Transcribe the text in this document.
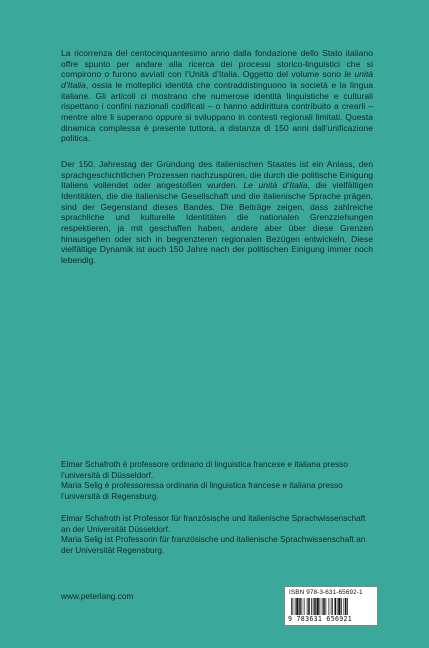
La ricorrenza del centocinquantesimo anno dalla fondazione dello Stato italiano offre spunto per andare alla ricerca dei processi storico-linguistici che si compirono o furono avviati con l’Unità d’Italia. Oggetto del volume sono le unità d’Italia, ossia le molteplici identità che contraddistinguono la società e la lingua italiane. Gli articoli ci mostrano che numerose identità linguistiche e culturali rispettano i confini nazionali codificati – o hanno addirittura contribuito a crearli – mentre altre li superano oppure si sviluppano in contesti regionali limitati. Questa dinamica complessa è presente tuttora, a distanza di 150 anni dall’unificazione politica.

Der 150. Jahrestag der Gründung des italienischen Staates ist ein Anlass, den sprachgeschichtlichen Prozessen nachzuspüren, die durch die politische Einigung Italiens vollendet oder angestoßen wurden. Le unità d’Italia, die vielfältigen Identitäten, die die italienische Gesellschaft und die italienische Sprache prägen, sind der Gegenstand dieses Bandes. Die Beiträge zeigen, dass zahlreiche sprachliche und kulturelle Identitäten die nationalen Grenzziehungen respektieren, ja mit geschaffen haben, andere aber über diese Grenzen hinausgehen oder sich in begrenzteren regionalen Bezügen entwickeln. Diese vielfältige Dynamik ist auch 150 Jahre nach der politischen Einigung immer noch lebendig.

Elmar Schafroth è professore ordinario di linguistica francese e italiana presso l’università di Düsseldorf.
Maria Selig è professoressa ordinaria di linguistica francese e italiana presso l’università di Regensburg.
Elmar Schafroth ist Professor für französische und italienische Sprachwissenschaft an der Universität Düsseldorf.
Maria Selig ist Professorin für französische und italienische Sprachwissenschaft an der Universität Regensburg.

www.peterlang.com	ISBN 978-3-631-65692-1
9 783631 656921
